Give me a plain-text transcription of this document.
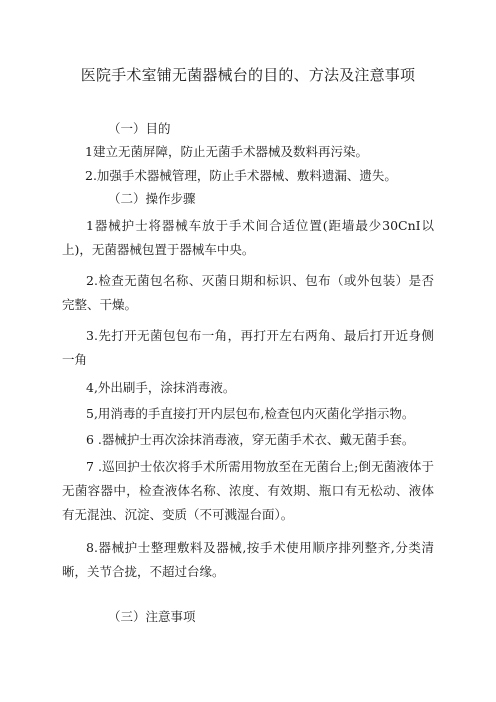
医院手术室铺无菌器械台的目的、方法及注意事项
（一）目的
1建立无菌屏障，防止无菌手术器械及数料再污染。
2.加强手术器械管理，防止手术器械、敷料遗漏、遗失。
（二）操作步骤
1器械护士将器械车放于手术间合适位置(距墙最少30CnI以上)，无菌器械包置于器械车中央。
2.检查无菌包名称、灭菌日期和标识、包布（或外包装）是否完整、干燥。
3.先打开无菌包包布一角，再打开左右两角、最后打开近身侧一角
4,外出刷手，涂抹消毒液。
5,用消毒的手直接打开内层包布,检查包内灭菌化学指示物。
6 .器械护士再次涂抹消毒液，穿无菌手术衣、戴无菌手套。
7 .巡回护士依次将手术所需用物放至在无菌台上;倒无菌液体于无菌容器中，检查液体名称、浓度、有效期、瓶口有无松动、液体有无混浊、沉淀、变质（不可溅湿台面）。
8.器械护士整理敷料及器械,按手术使用顺序排列整齐,分类清晰，关节合拢，不超过台缘。
（三）注意事项
